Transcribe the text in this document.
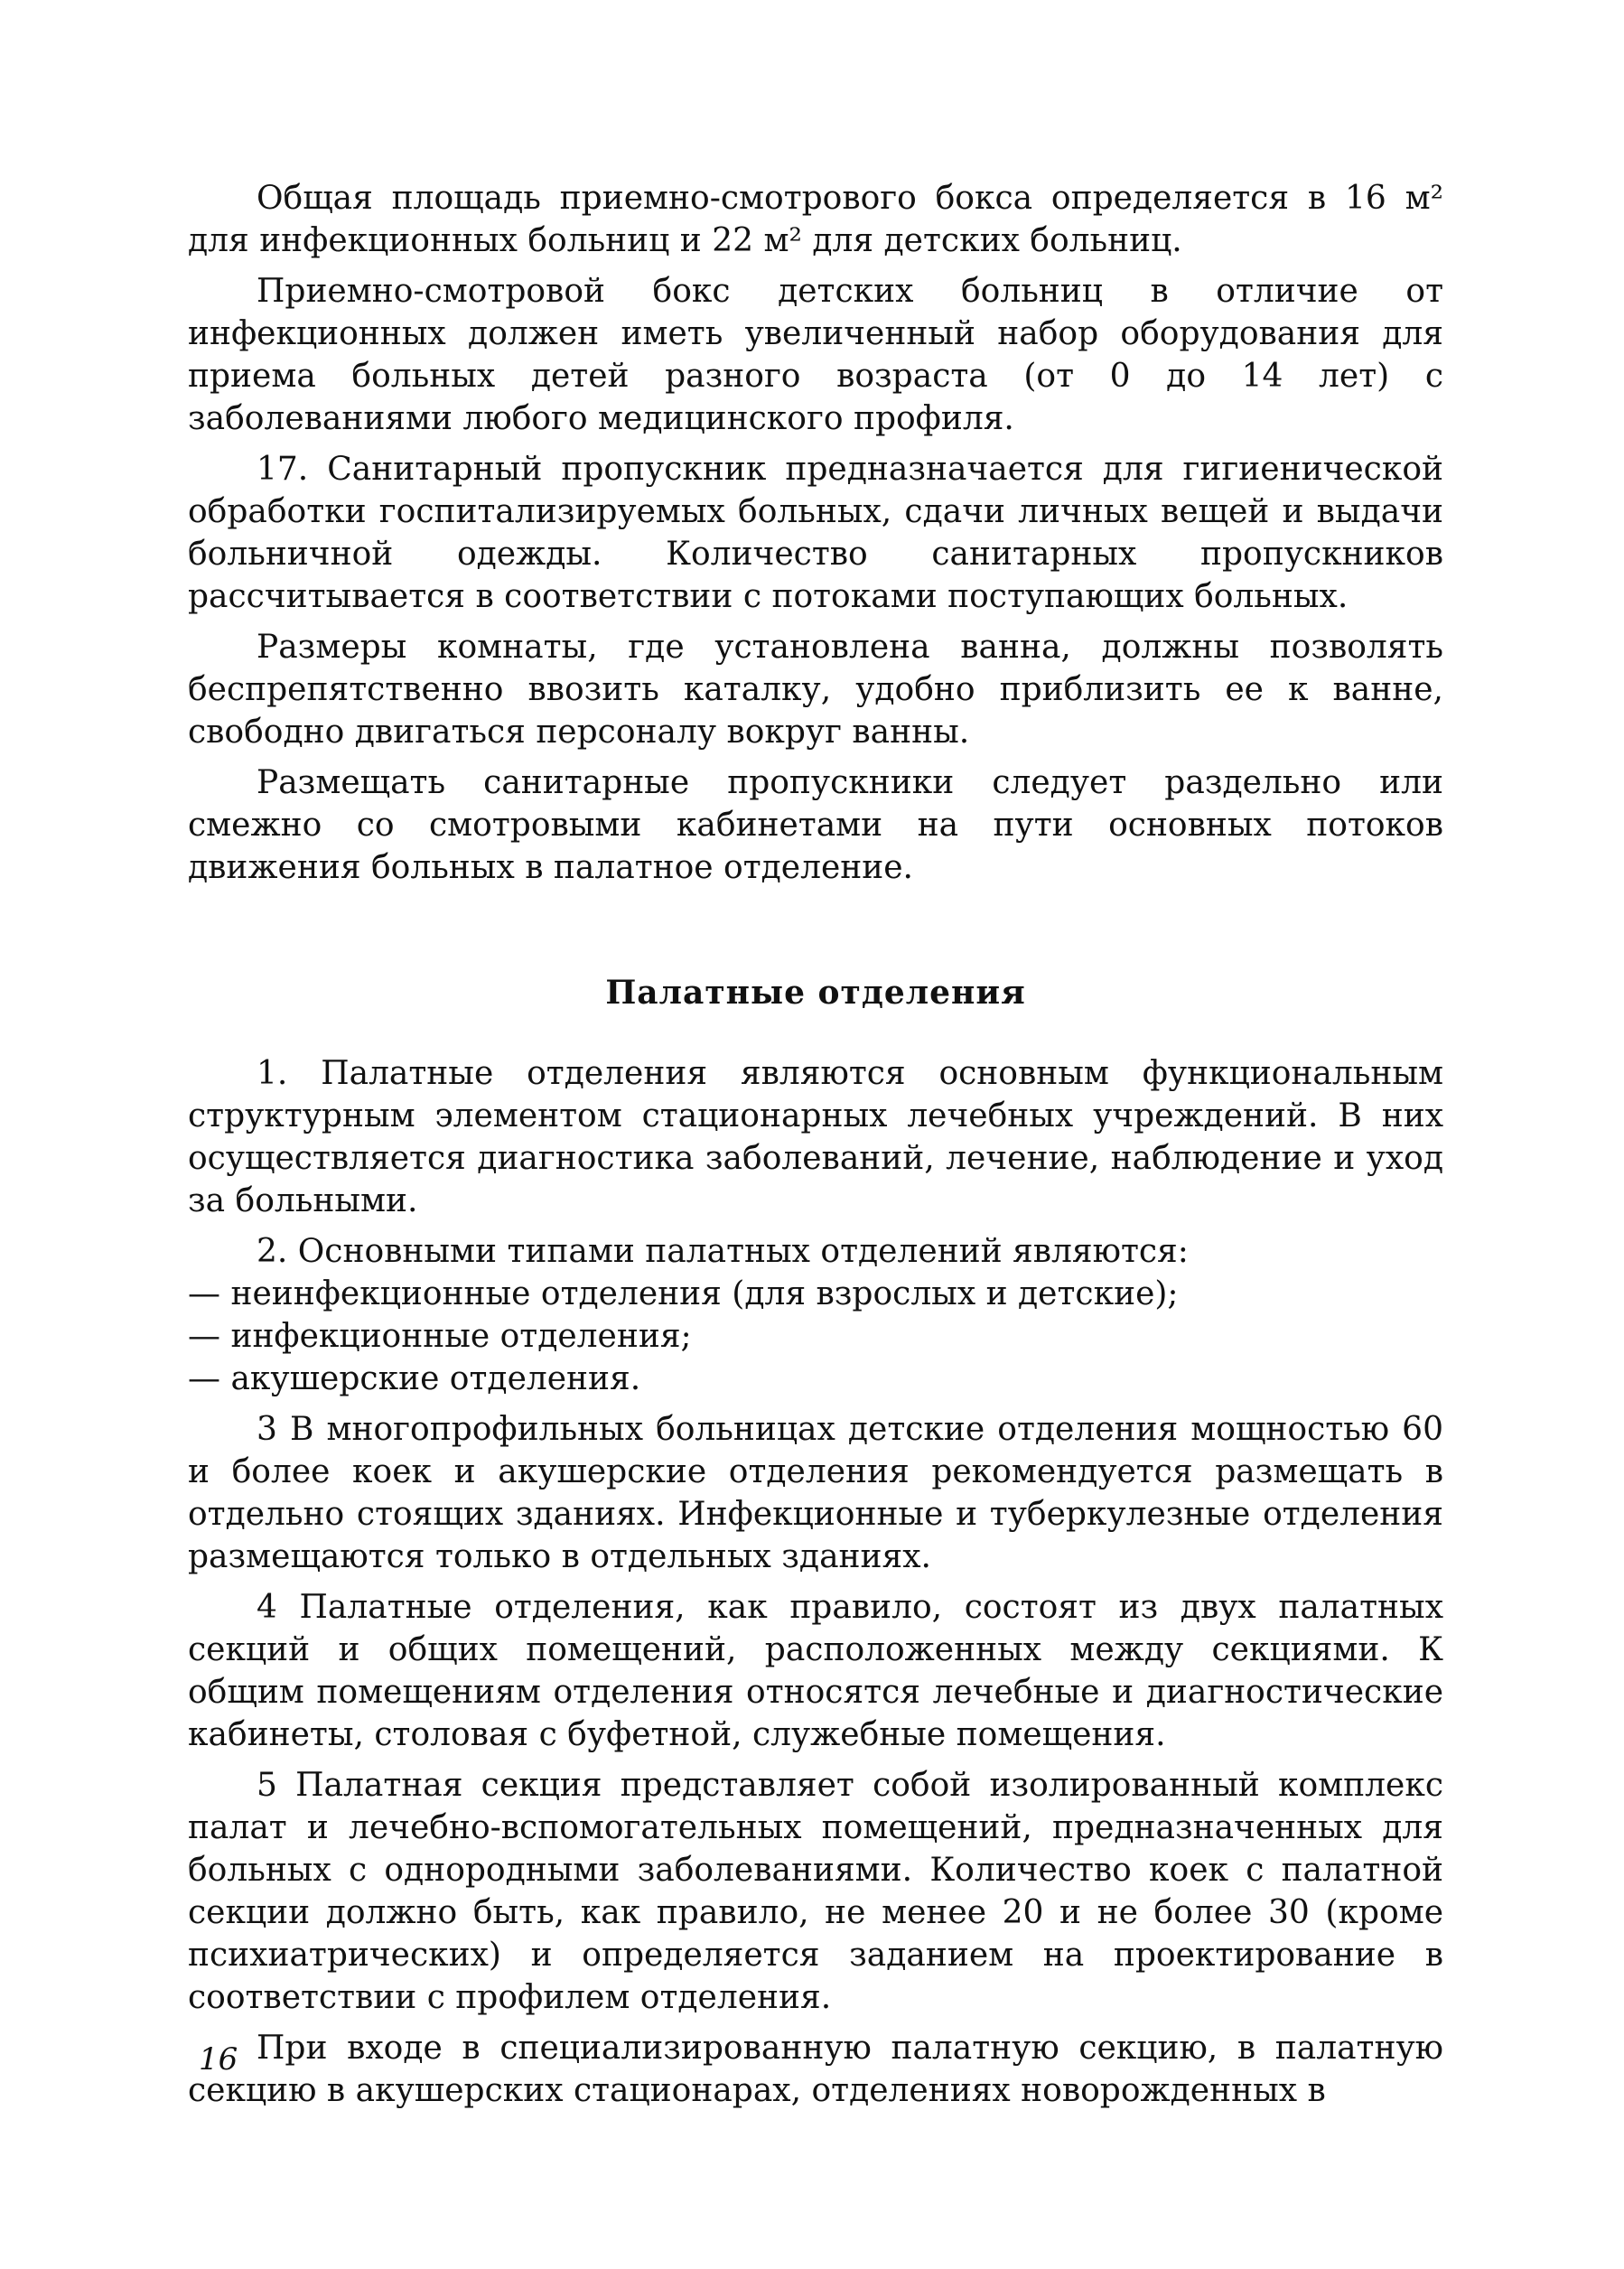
Общая площадь приемно-смотрового бокса определяется в 16 м² для инфекционных больниц и 22 м² для детских больниц.

Приемно-смотровой бокс детских больниц в отличие от инфекционных должен иметь увеличенный набор оборудования для приема больных детей разного возраста (от 0 до 14 лет) с заболеваниями любого медицинского профиля.

17. Санитарный пропускник предназначается для гигиенической обработки госпитализируемых больных, сдачи личных вещей и выдачи больничной одежды. Количество санитарных пропускников рассчитывается в соответствии с потоками поступающих больных.

Размеры комнаты, где установлена ванна, должны позволять беспрепятственно ввозить каталку, удобно приблизить ее к ванне, свободно двигаться персоналу вокруг ванны.

Размещать санитарные пропускники следует раздельно или смежно со смотровыми кабинетами на пути основных потоков движения больных в палатное отделение.

Палатные отделения

1. Палатные отделения являются основным функциональным структурным элементом стационарных лечебных учреждений. В них осуществляется диагностика заболеваний, лечение, наблюдение и уход за больными.

2. Основными типами палатных отделений являются:

— неинфекционные отделения (для взрослых и детские);

— инфекционные отделения;

— акушерские отделения.

3 В многопрофильных больницах детские отделения мощностью 60 и более коек и акушерские отделения рекомендуется размещать в отдельно стоящих зданиях. Инфекционные и туберкулезные отделения размещаются только в отдельных зданиях.

4 Палатные отделения, как правило, состоят из двух палатных секций и общих помещений, расположенных между секциями. К общим помещениям отделения относятся лечебные и диагностические кабинеты, столовая с буфетной, служебные помещения.

5 Палатная секция представляет собой изолированный комплекс палат и лечебно-вспомогательных помещений, предназначенных для больных с однородными заболеваниями. Количество коек с палатной секции должно быть, как правило, не менее 20 и не более 30 (кроме психиатрических) и определяется заданием на проектирование в соответствии с профилем отделения.

При входе в специализированную палатную секцию, в палатную секцию в акушерских стационарах, отделениях новорожденных в

16
